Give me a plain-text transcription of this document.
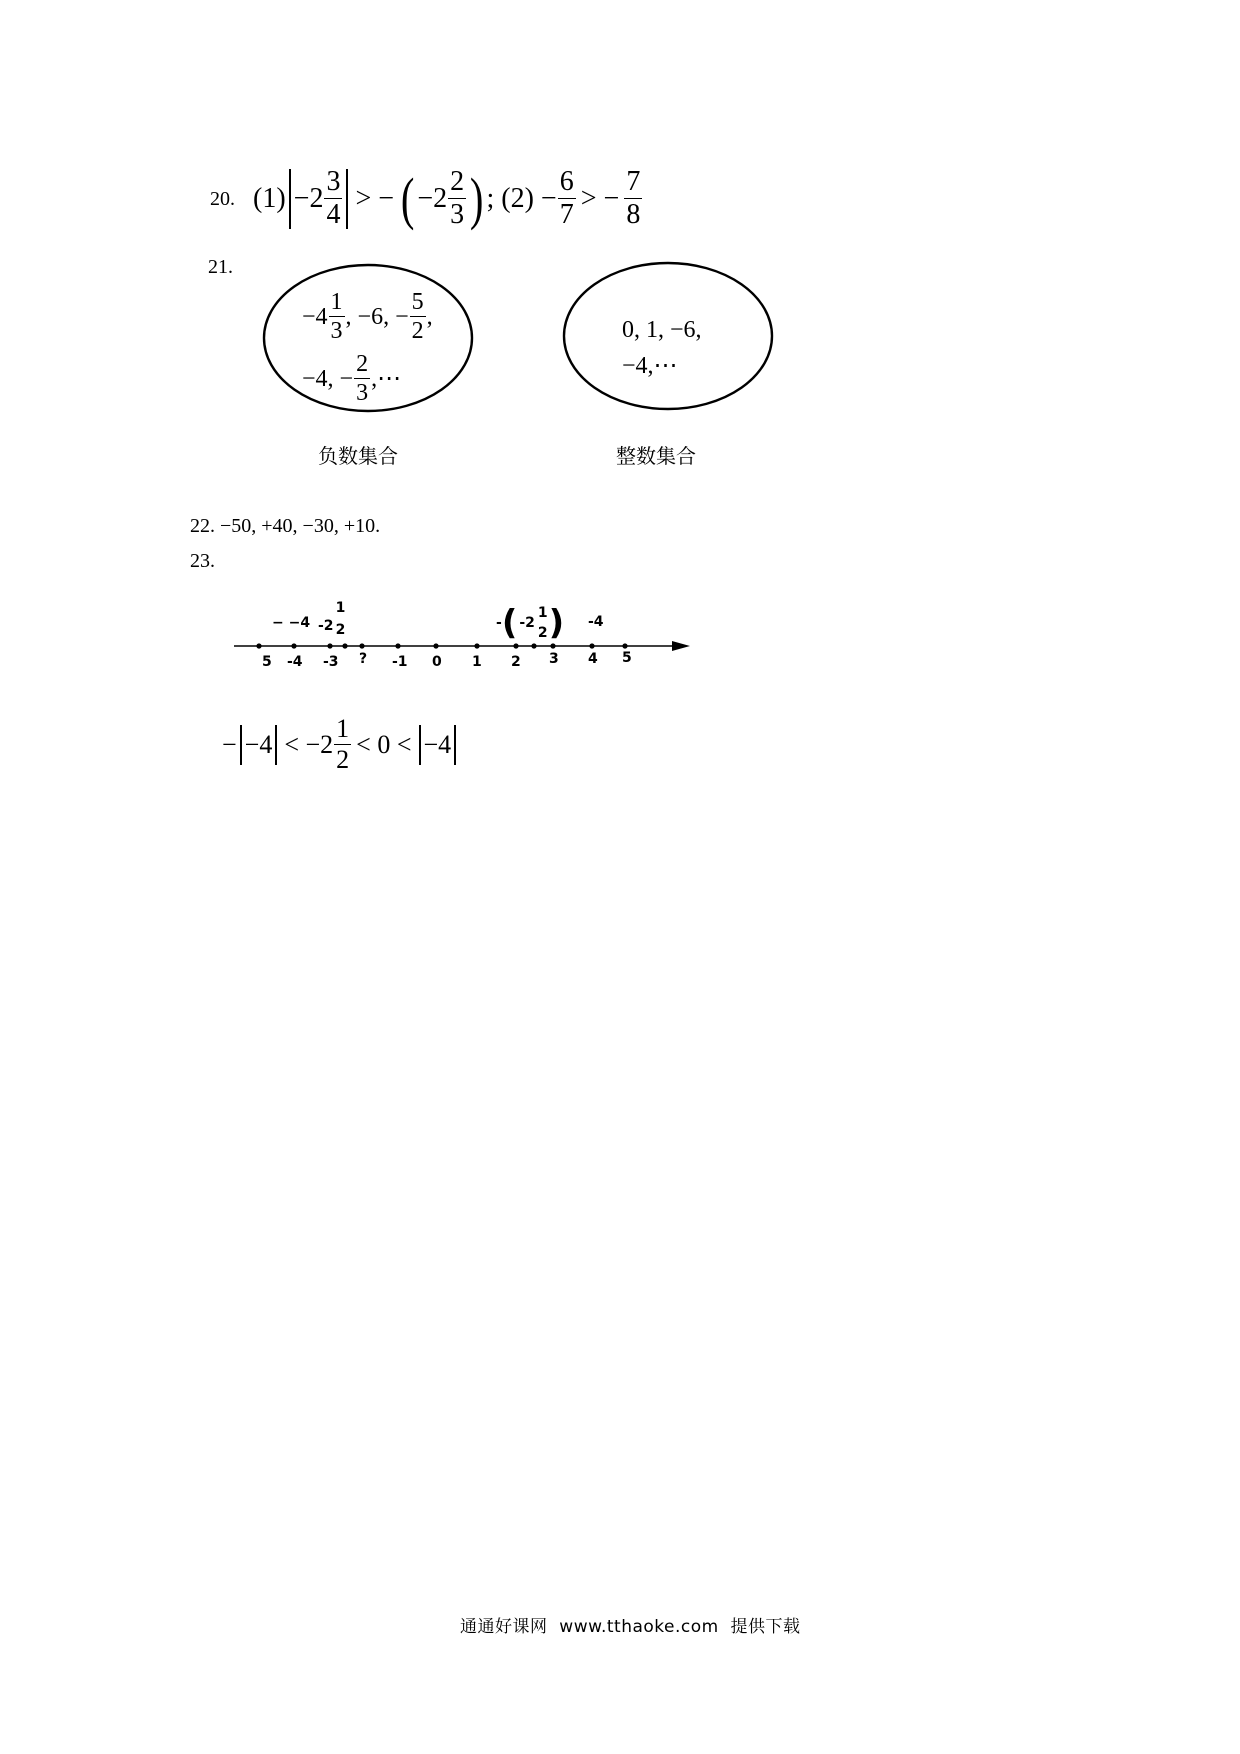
20. $(1) -2 \frac{3}{4}$ > − ( $-2 \frac{2}{3}$ ) ; $(2) - \frac{6}{7}$ > − $\frac{7}{8}$
21.
$-4 \frac{1}{3}$ , −6, − $\frac{5}{2}$ ,
−4, − $\frac{2}{3}$ ,⋯
0, 1, −6,
−4,⋯
负数集合	整数集合
22. −50, +40, −30, +10.
23.
5 -4 -3 ? -1 0 1 2 3 4 5
− −4 -2
1
2	- ( -2
1
2 ) -4
− $-4 < -2 \frac{1}{2} < 0 < -4$
通通好课网  www.tthaoke.com  提供下载
